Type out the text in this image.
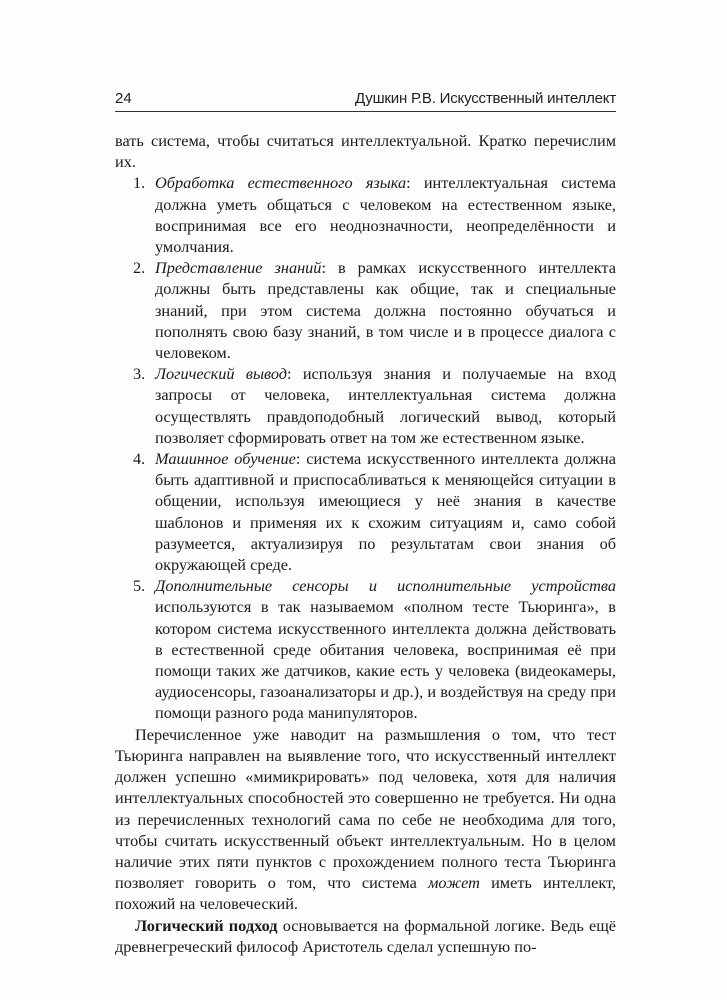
24	Душкин Р.В. Искусственный интеллект

вать система, чтобы считаться интеллектуальной. Кратко перечислим их.

1. Обработка естественного языка: интеллектуальная система должна уметь общаться с человеком на естественном языке, воспринимая все его неоднозначности, неопределённости и умолчания.
2. Представление знаний: в рамках искусственного интеллекта должны быть представлены как общие, так и специальные знаний, при этом система должна постоянно обучаться и пополнять свою базу знаний, в том числе и в процессе диалога с человеком.
3. Логический вывод: используя знания и получаемые на вход запросы от человека, интеллектуальная система должна осуществлять правдоподобный логический вывод, который позволяет сформировать ответ на том же естественном языке.
4. Машинное обучение: система искусственного интеллекта должна быть адаптивной и приспосабливаться к меняющейся ситуации в общении, используя имеющиеся у неё знания в качестве шаблонов и применяя их к схожим ситуациям и, само собой разумеется, актуализируя по результатам свои знания об окружающей среде.
5. Дополнительные сенсоры и исполнительные устройства используются в так называемом «полном тесте Тьюринга», в котором система искусственного интеллекта должна действовать в естественной среде обитания человека, воспринимая её при помощи таких же датчиков, какие есть у человека (видеокамеры, аудиосенсоры, газоанализаторы и др.), и воздействуя на среду при помощи разного рода манипуляторов.

Перечисленное уже наводит на размышления о том, что тест Тьюринга направлен на выявление того, что искусственный интеллект должен успешно «мимикрировать» под человека, хотя для наличия интеллектуальных способностей это совершенно не требуется. Ни одна из перечисленных технологий сама по себе не необходима для того, чтобы считать искусственный объект интеллектуальным. Но в целом наличие этих пяти пунктов с прохождением полного теста Тьюринга позволяет говорить о том, что система может иметь интеллект, похожий на человеческий.

Логический подход основывается на формальной логике. Ведь ещё древнегреческий философ Аристотель сделал успешную по-
